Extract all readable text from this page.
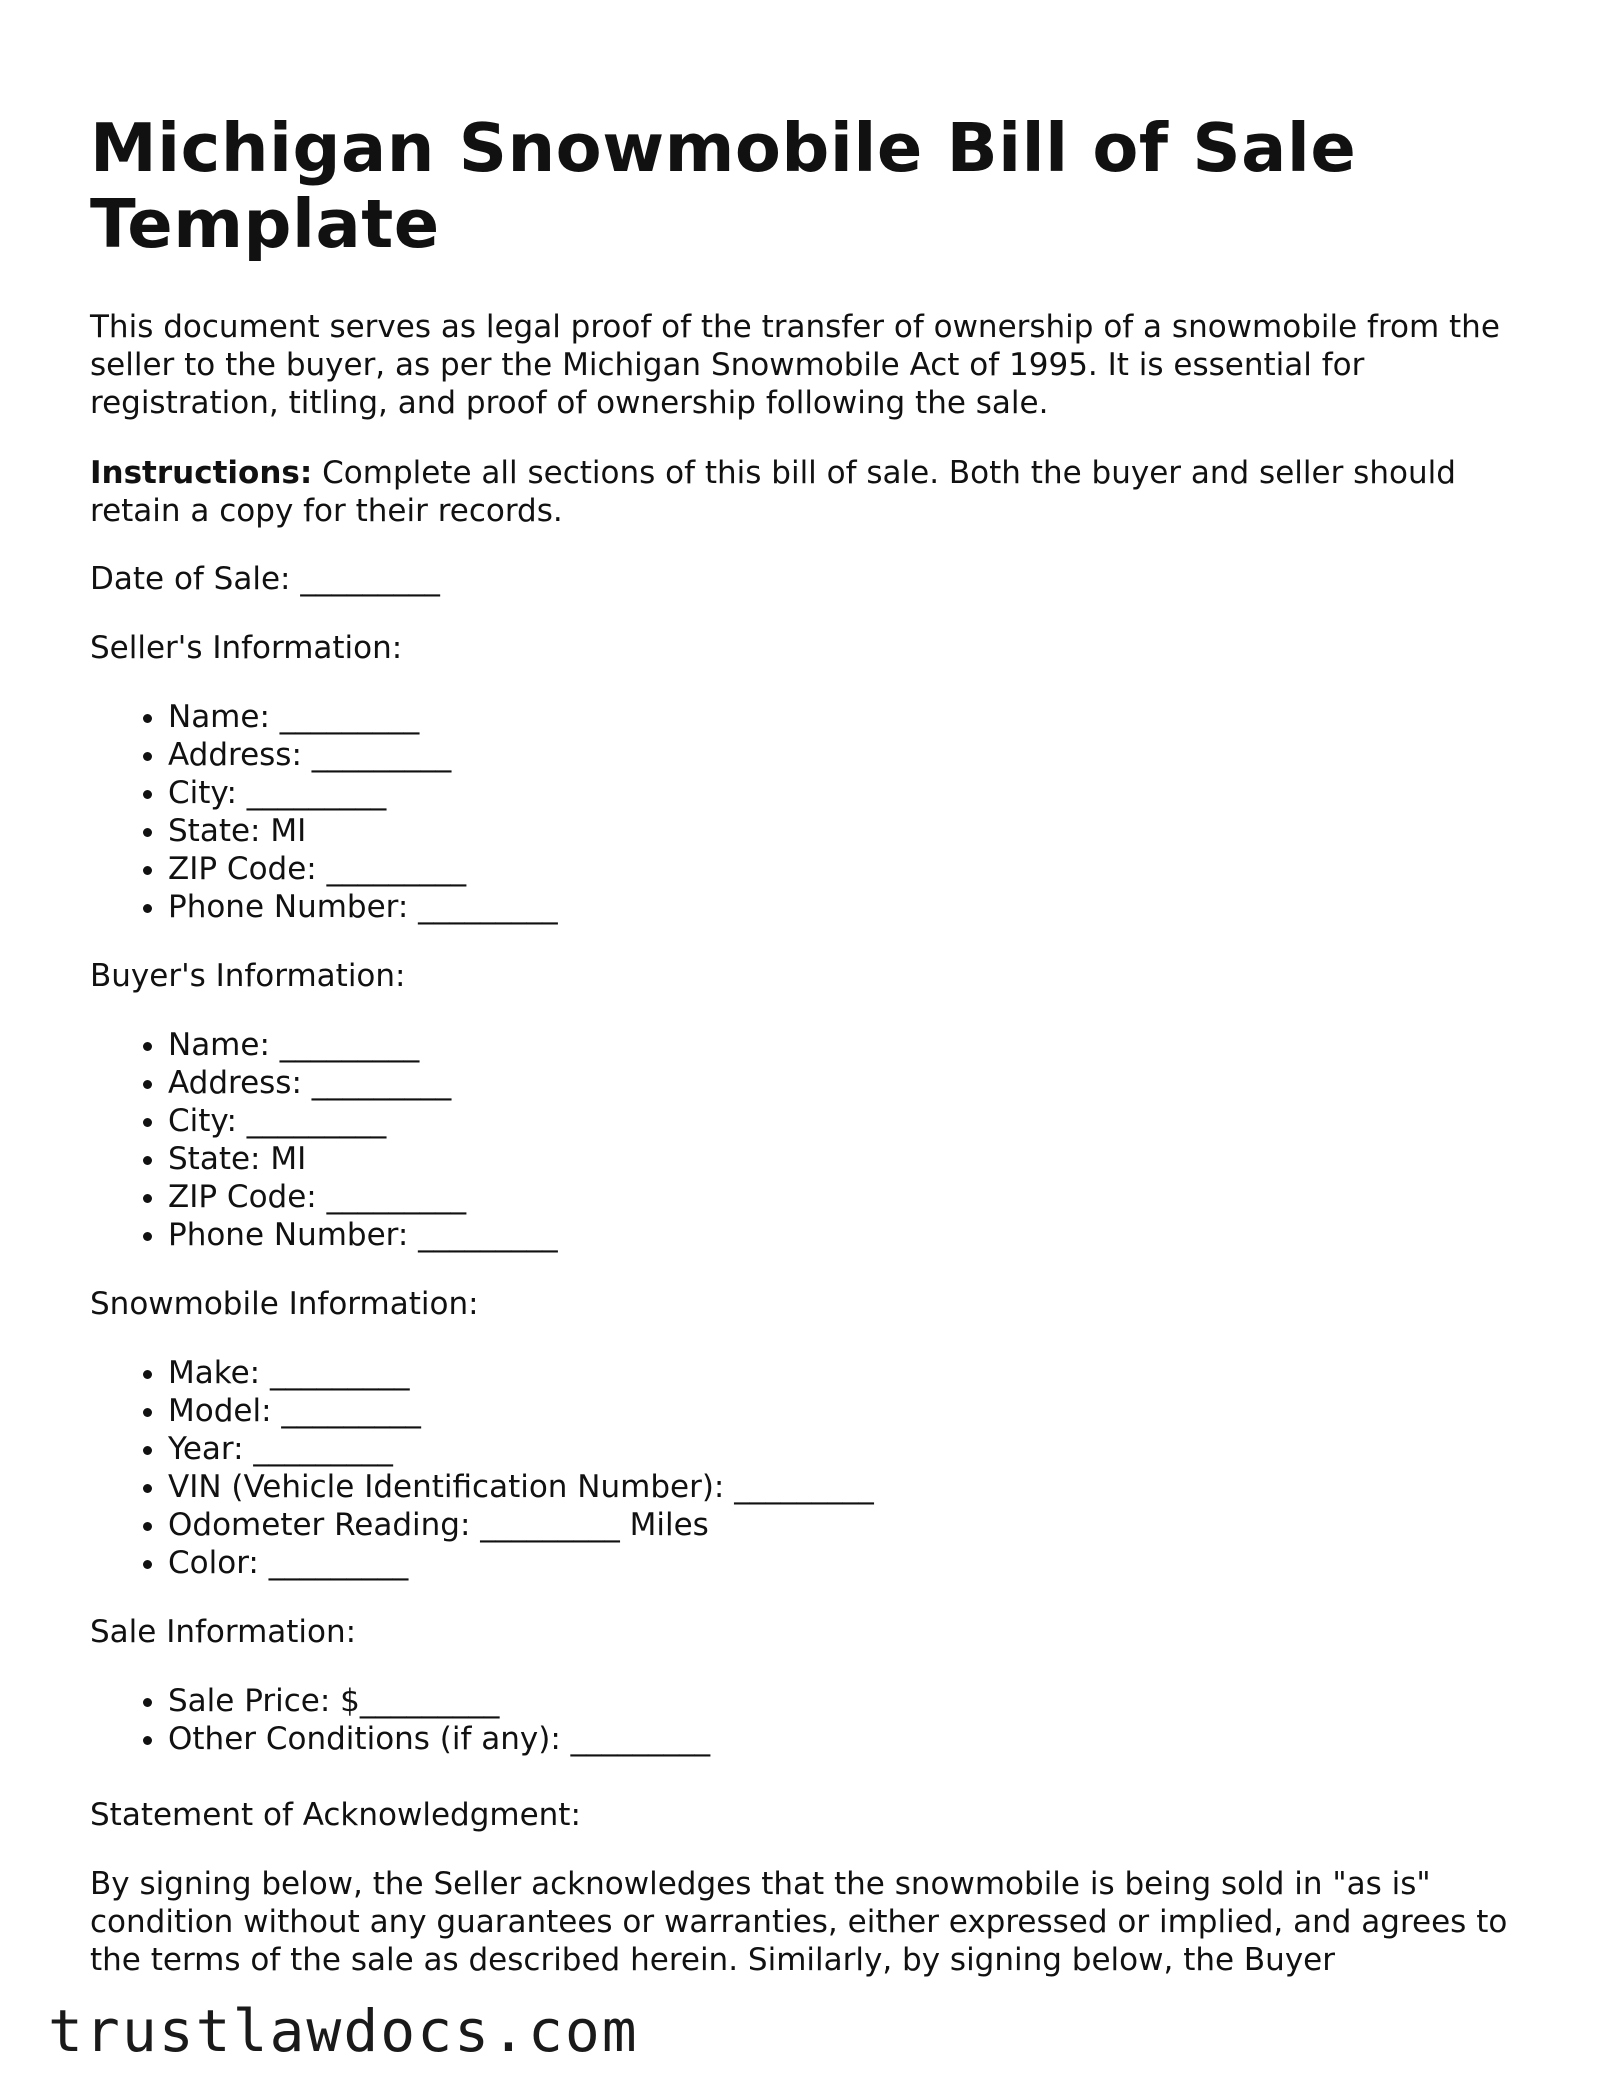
Michigan Snowmobile Bill of Sale Template

This document serves as legal proof of the transfer of ownership of a snowmobile from the seller to the buyer, as per the Michigan Snowmobile Act of 1995. It is essential for registration, titling, and proof of ownership following the sale.

Instructions: Complete all sections of this bill of sale. Both the buyer and seller should retain a copy for their records.

Date of Sale: _________

Seller's Information:

• Name: _________
• Address: _________
• City: _________
• State: MI
• ZIP Code: _________
• Phone Number: _________

Buyer's Information:

• Name: _________
• Address: _________
• City: _________
• State: MI
• ZIP Code: _________
• Phone Number: _________

Snowmobile Information:

• Make: _________
• Model: _________
• Year: _________
• VIN (Vehicle Identification Number): _________
• Odometer Reading: _________ Miles
• Color: _________

Sale Information:

• Sale Price: $_________
• Other Conditions (if any): _________

Statement of Acknowledgment:

By signing below, the Seller acknowledges that the snowmobile is being sold in "as is" condition without any guarantees or warranties, either expressed or implied, and agrees to the terms of the sale as described herein. Similarly, by signing below, the Buyer

trustlawdocs.com
